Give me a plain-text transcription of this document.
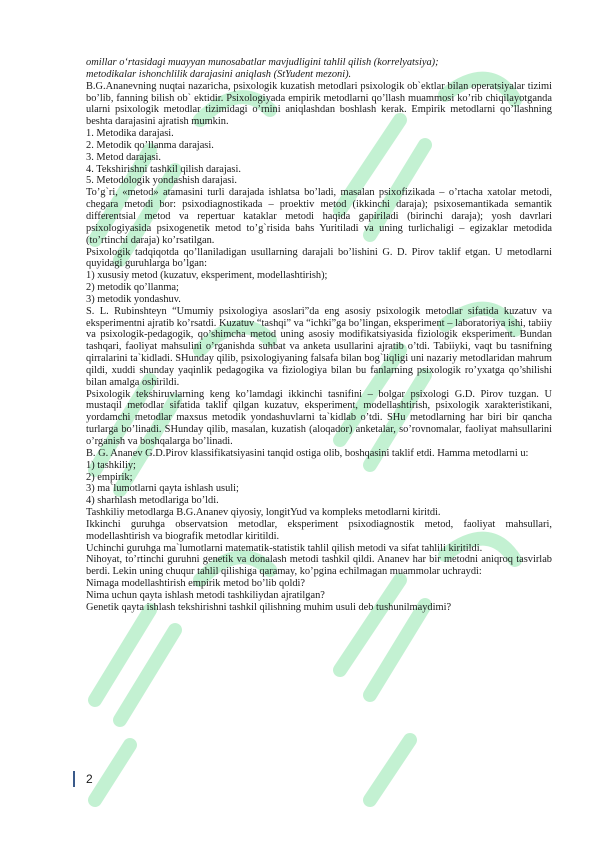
omillar o‘rtasidagi muayyan munosabatlar mavjudligini tahlil qilish (korrelyatsiya);

metodikalar ishonchlilik darajasini aniqlash (StYudent mezoni).

B.G.Ananevning nuqtai nazaricha, psixologik kuzatish metodlari psixologik ob`ektlar bilan operatsiyalar tizimi bo’lib, fanning bilish ob` ektidir. Psixologiyada empirik metodlarni qo’llash muammosi ko’rib chiqilayotganda ularni psixologik metodlar tizimidagi o’rnini aniqlashdan boshlash kerak. Empirik metodlarni qo’llashning beshta darajasini ajratish mumkin.

1. Metodika darajasi.

2. Metodik qo’llanma darajasi.

3. Metod darajasi.

4. Tekshirishni tashkil qilish darajasi.

5. Metodologik yondashish darajasi.

To’g`ri, «metod» atamasini turli darajada ishlatsa bo’ladi, masalan psixofizikada – o’rtacha xatolar metodi, chegara metodi bor: psixodiagnostikada – proektiv metod (ikkinchi daraja); psixosemantikada semantik differentsial metod va repertuar kataklar metodi haqida gapiriladi (birinchi daraja); yosh davrlari psixologiyasida psixogenetik metod to’g`risida bahs Yuritiladi va uning turlichaligi – egizaklar metodida (to’rtinchi daraja) ko’rsatilgan.

Psixologik tadqiqotda qo’llaniladigan usullarning darajali bo’lishini G. D. Pirov taklif etgan. U metodlarni quyidagi guruhlarga bo’lgan:

1) xususiy metod (kuzatuv, eksperiment, modellashtirish);

2) metodik qo’llanma;

3) metodik yondashuv.

S. L. Rubinshteyn “Umumiy psixologiya asoslari”da eng asosiy psixologik metodlar sifatida kuzatuv va eksperimentni ajratib ko’rsatdi. Kuzatuv “tashqi” va “ichki”ga bo’lingan, eksperiment – laboratoriya ishi, tabiiy va psixologik-pedagogik, qo’shimcha metod uning asosiy modifikatsiyasida fiziologik eksperiment. Bundan tashqari, faoliyat mahsulini o’rganishda suhbat va anketa usullarini ajratib o’tdi. Tabiiyki, vaqt bu tasnifning qirralarini ta`kidladi. SHunday qilib, psixologiyaning falsafa bilan bog`liqligi uni nazariy metodlaridan mahrum qildi, xuddi shunday yaqinlik pedagogika va fiziologiya bilan bu fanlarning psixologik ro’yxatga qo’shilishi bilan amalga oshirildi.

Psixologik tekshiruvlarning keng ko’lamdagi ikkinchi tasnifini – bolgar psixologi G.D. Pirov tuzgan. U mustaqil metodlar sifatida taklif qilgan kuzatuv, eksperiment, modellashtirish, psixologik xarakteristikani, yordamchi metodlar maxsus metodik yondashuvlarni ta`kidlab o’tdi. SHu metodlarning har biri bir qancha turlarga bo’linadi. SHunday qilib, masalan, kuzatish (aloqador) anketalar, so’rovnomalar, faoliyat mahsullarini o’rganish va boshqalarga bo’linadi.

B. G. Ananev G.D.Pirov klassifikatsiyasini tanqid ostiga olib, boshqasini taklif etdi. Hamma metodlarni u:

1) tashkiliy;

2) empirik;

3) ma`lumotlarni qayta ishlash usuli;

4) sharhlash metodlariga bo’ldi.

Tashkiliy metodlarga B.G.Ananev qiyosiy, longitYud va kompleks metodlarni kiritdi.

Ikkinchi guruhga observatsion metodlar, eksperiment psixodiagnostik metod, faoliyat mahsullari, modellashtirish va biografik metodlar kiritildi.

Uchinchi guruhga ma`lumotlarni matematik-statistik tahlil qilish metodi va sifat tahlili kiritildi.

Nihoyat, to’rtinchi guruhni genetik va donalash metodi tashkil qildi. Ananev har bir metodni aniqroq tasvirlab berdi. Lekin uning chuqur tahlil qilishiga qaramay, ko’pgina echilmagan muammolar uchraydi:

Nimaga modellashtirish empirik metod bo’lib qoldi?

Nima uchun qayta ishlash metodi tashkiliydan ajratilgan?

Genetik qayta ishlash tekshirishni tashkil qilishning muhim usuli deb tushunilmaydimi?

2
